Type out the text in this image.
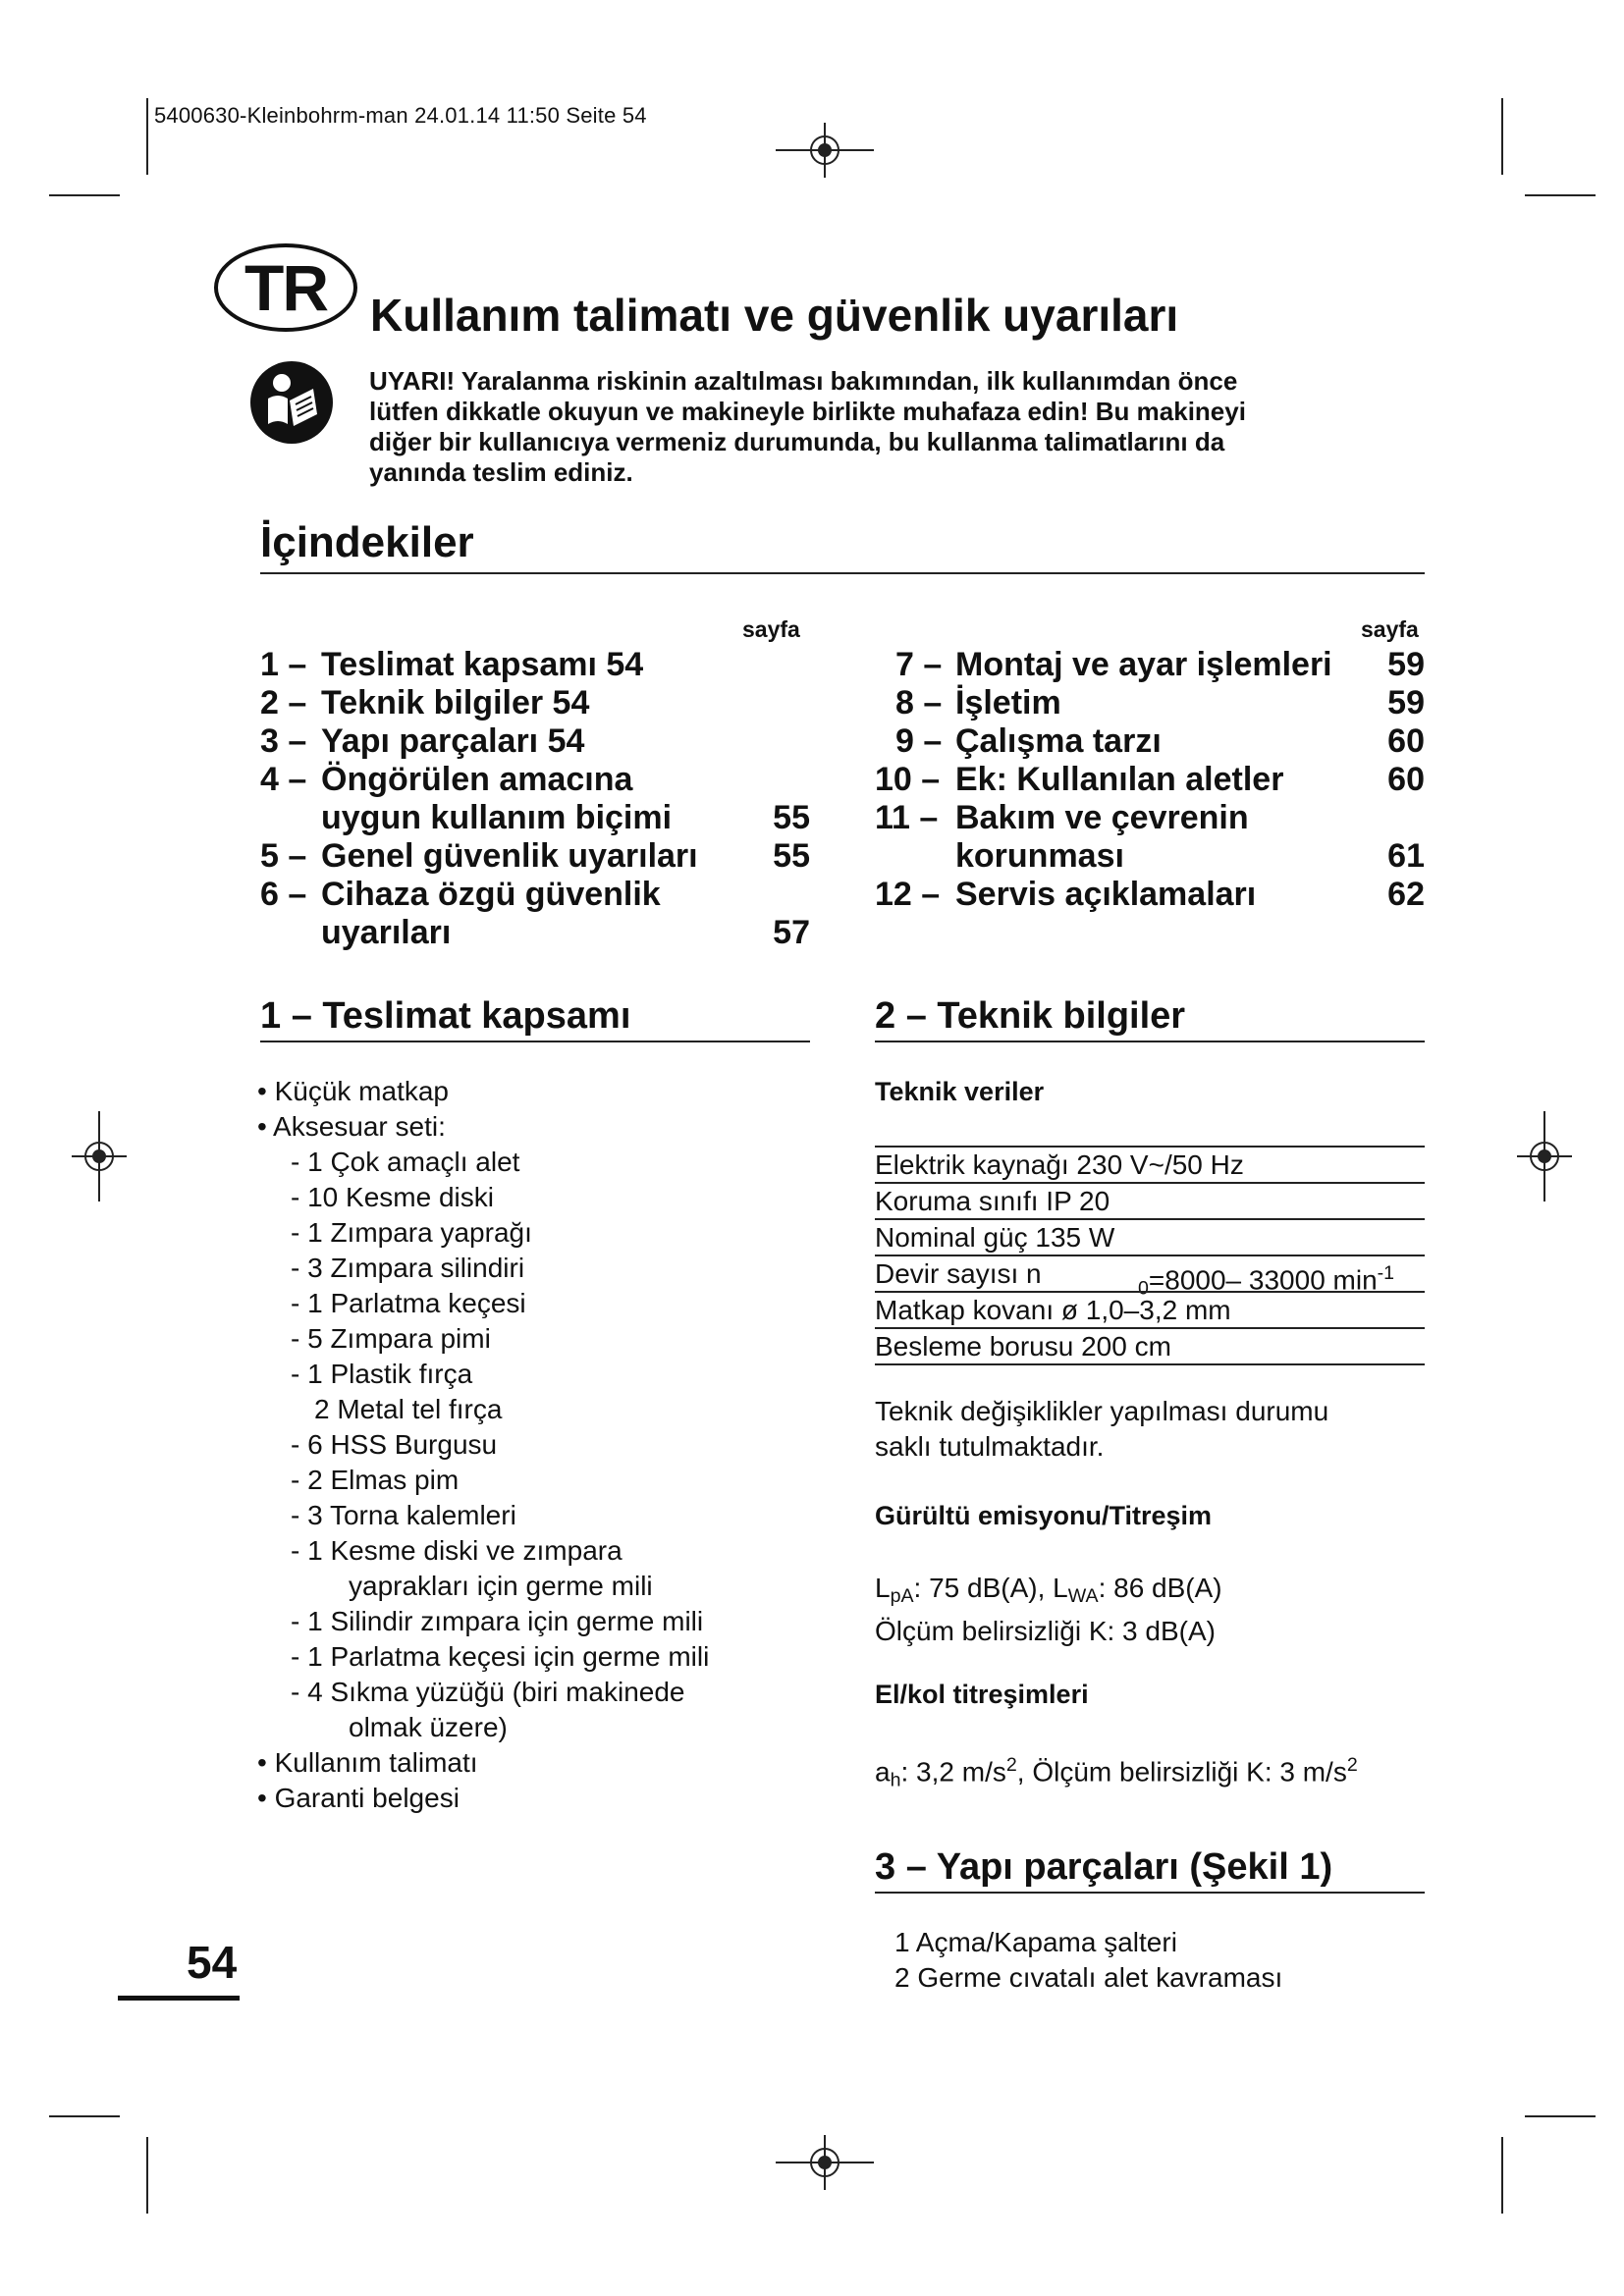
5400630-Kleinbohrm-man 24.01.14 11:50 Seite 54
TR Kullanım talimatı ve güvenlik uyarıları
UYARI! Yaralanma riskinin azaltılması bakımından, ilk kullanımdan önce
lütfen dikkatle okuyun ve makineyle birlikte muhafaza edin! Bu makineyi
diğer bir kullanıcıya vermeniz durumunda, bu kullanma talimatlarını da
yanında teslim ediniz.
İçindekiler
sayfa	sayfa
1 – Teslimat kapsamı 54
2 – Teknik bilgiler 54
3 – Yapı parçaları 54
4 – Öngörülen amacına
uygun kullanım biçimi	55
5 – Genel güvenlik uyarıları 55
6 – Cihaza özgü güvenlik
uyarıları	57
7 – Montaj ve ayar işlemleri 59
8 – İşletim	59
9 – Çalışma tarzı	60
10 – Ek: Kullanılan aletler	60
11 – Bakım ve çevrenin
korunması	61
12 – Servis açıklamaları	62
1 – Teslimat kapsamı
• Küçük matkap
• Aksesuar seti:
- 1 Çok amaçlı alet
- 10 Kesme diski
- 1 Zımpara yaprağı
- 3 Zımpara silindiri
- 1 Parlatma keçesi
- 5 Zımpara pimi
- 1 Plastik fırça
2 Metal tel fırça
- 6 HSS Burgusu
- 2 Elmas pim
- 3 Torna kalemleri
- 1 Kesme diski ve zımpara
yaprakları için germe mili
- 1 Silindir zımpara için germe mili
- 1 Parlatma keçesi için germe mili
- 4 Sıkma yüzüğü (biri makinede
olmak üzere)
• Kullanım talimatı
• Garanti belgesi
2 – Teknik bilgiler
Teknik veriler
Elektrik kaynağı 230 V~/50 Hz
Koruma sınıfı IP 20
Nominal güç 135 W
Devir sayısı n	$_0$=8000– 33000 $\min^{-1}$
Matkap kovanı ø 1,0–3,2 mm
Besleme borusu 200 cm
Teknik değişiklikler yapılması durumu
saklı tutulmaktadır.
Gürültü emisyonu/Titreşim
$L_{pA}$: 75 dB(A), $L_{WA}$: 86 dB(A)
Ölçüm belirsizliği K: 3 dB(A)
El/kol titreşimleri
$a_h$: 3,2 $m/s^2$, Ölçüm belirsizliği K: 3 $m/s^2$
3 – Yapı parçaları (Şekil 1)
1 Açma/Kapama şalteri
2 Germe cıvatalı alet kavraması
54
